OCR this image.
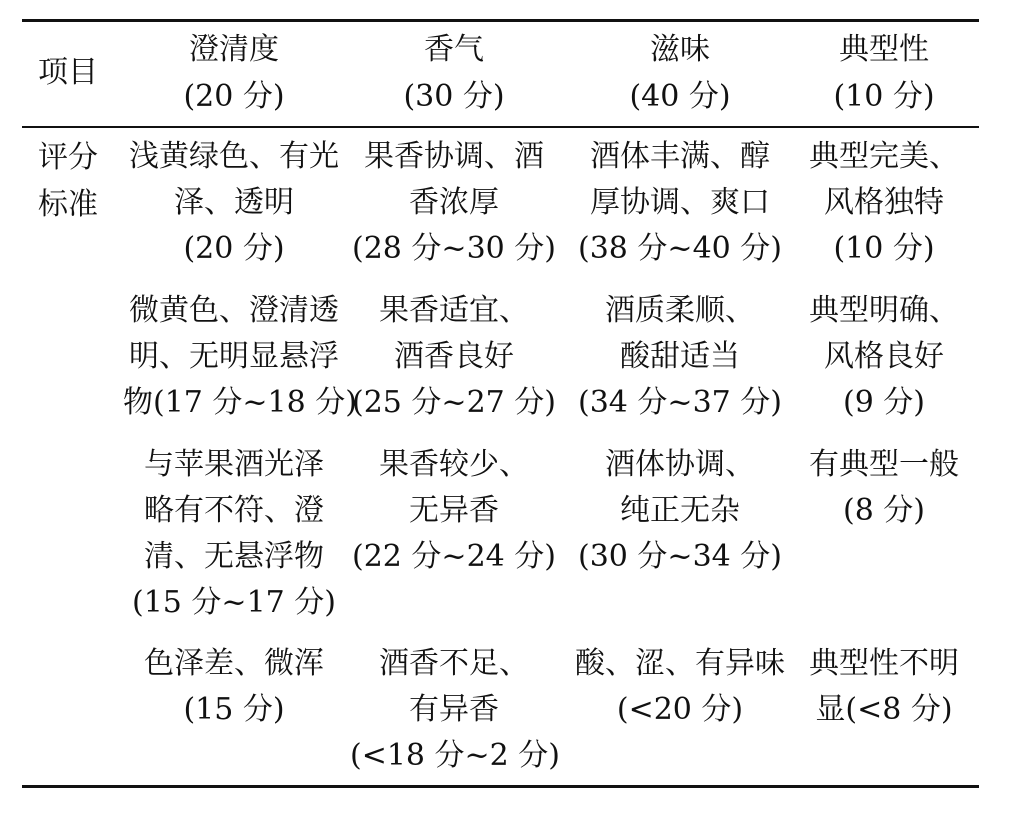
项目
澄清度
(20 分)
香气
(30 分)
滋味
(40 分)
典型性
(10 分)
评分
标准
浅黄绿色、有光
泽、透明
(20 分)
果香协调、酒
香浓厚
(28 分~30 分)
酒体丰满、醇
厚协调、爽口
(38 分~40 分)
典型完美、
风格独特
(10 分)
微黄色、澄清透
明、无明显悬浮
物(17 分~18 分)
果香适宜、
酒香良好
(25 分~27 分)
酒质柔顺、
酸甜适当
(34 分~37 分)
典型明确、
风格良好
(9 分)
与苹果酒光泽
略有不符、澄
清、无悬浮物
(15 分~17 分)
果香较少、
无异香
(22 分~24 分)
酒体协调、
纯正无杂
(30 分~34 分)
有典型一般
(8 分)
色泽差、微浑
(15 分)
酒香不足、
有异香
(<18 分~2 分)
酸、涩、有异味
(<20 分)
典型性不明
显(<8 分)
